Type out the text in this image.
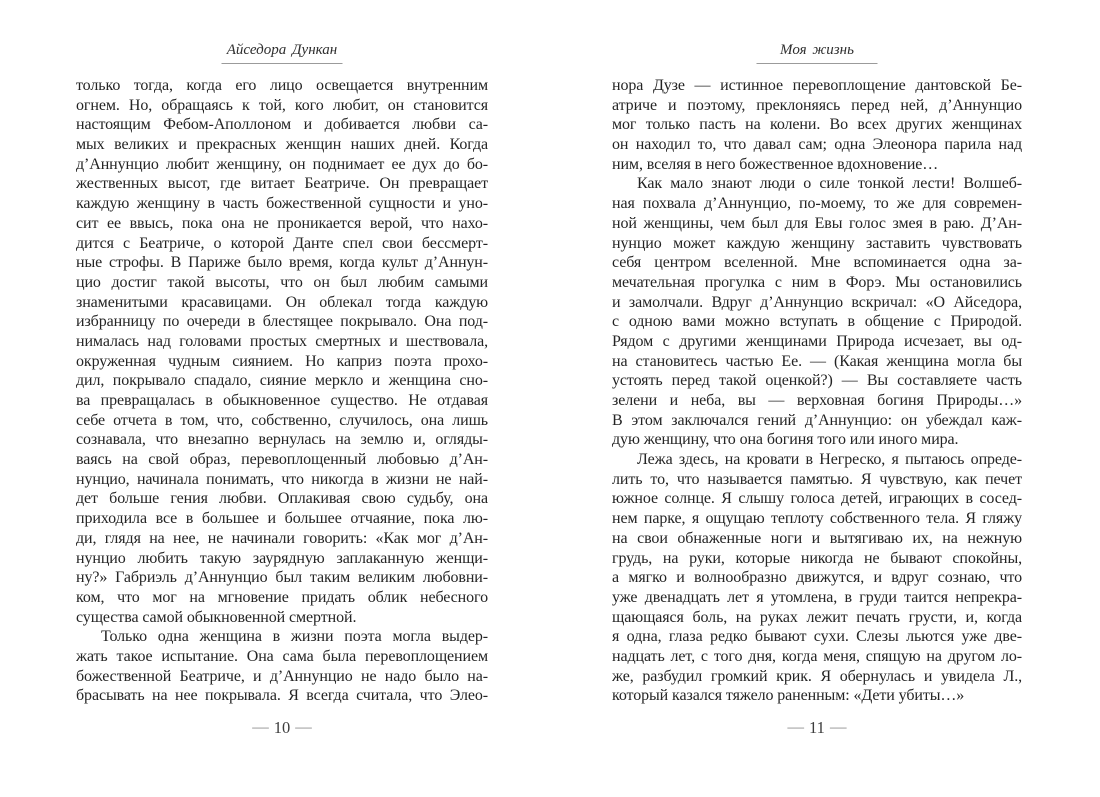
Айседора Дункан
только тогда, когда его лицо освещается внутренним
огнем. Но, обращаясь к той, кого любит, он становится
настоящим Фебом-Аполлоном и добивается любви са-
мых великих и прекрасных женщин наших дней. Когда
д’Аннунцио любит женщину, он поднимает ее дух до бо-
жественных высот, где витает Беатриче. Он превращает
каждую женщину в часть божественной сущности и уно-
сит ее ввысь, пока она не проникается верой, что нахо-
дится с Беатриче, о которой Данте спел свои бессмерт-
ные строфы. В Париже было время, когда культ д’Аннун-
цио достиг такой высоты, что он был любим самыми
знаменитыми красавицами. Он облекал тогда каждую
избранницу по очереди в блестящее покрывало. Она под-
нималась над головами простых смертных и шествовала,
окруженная чудным сиянием. Но каприз поэта прохо-
дил, покрывало спадало, сияние меркло и женщина сно-
ва превращалась в обыкновенное существо. Не отдавая
себе отчета в том, что, собственно, случилось, она лишь
сознавала, что внезапно вернулась на землю и, огляды-
ваясь на свой образ, перевоплощенный любовью д’Ан-
нунцио, начинала понимать, что никогда в жизни не най-
дет больше гения любви. Оплакивая свою судьбу, она
приходила все в большее и большее отчаяние, пока лю-
ди, глядя на нее, не начинали говорить: «Как мог д’Ан-
нунцио любить такую заурядную заплаканную женщи-
ну?» Габриэль д’Аннунцио был таким великим любовни-
ком, что мог на мгновение придать облик небесного
существа самой обыкновенной смертной.
Только одна женщина в жизни поэта могла выдер-
жать такое испытание. Она сама была перевоплощением
божественной Беатриче, и д’Аннунцио не надо было на-
брасывать на нее покрывала. Я всегда считала, что Элео-
— 10 —
Моя жизнь
нора Дузе — истинное перевоплощение дантовской Бе-
атриче и поэтому, преклоняясь перед ней, д’Аннунцио
мог только пасть на колени. Во всех других женщинах
он находил то, что давал сам; одна Элеонора парила над
ним, вселяя в него божественное вдохновение…
Как мало знают люди о силе тонкой лести! Волшеб-
ная похвала д’Аннунцио, по-моему, то же для современ-
ной женщины, чем был для Евы голос змея в раю. Д’Ан-
нунцио может каждую женщину заставить чувствовать
себя центром вселенной. Мне вспоминается одна за-
мечательная прогулка с ним в Форэ. Мы остановились
и замолчали. Вдруг д’Аннунцио вскричал: «О Айседора,
с одною вами можно вступать в общение с Природой.
Рядом с другими женщинами Природа исчезает, вы од-
на становитесь частью Ее. — (Какая женщина могла бы
устоять перед такой оценкой?) — Вы составляете часть
зелени и неба, вы — верховная богиня Природы…»
В этом заключался гений д’Аннунцио: он убеждал каж-
дую женщину, что она богиня того или иного мира.
Лежа здесь, на кровати в Негреско, я пытаюсь опреде-
лить то, что называется памятью. Я чувствую, как печет
южное солнце. Я слышу голоса детей, играющих в сосед-
нем парке, я ощущаю теплоту собственного тела. Я гляжу
на свои обнаженные ноги и вытягиваю их, на нежную
грудь, на руки, которые никогда не бывают спокойны,
а мягко и волнообразно движутся, и вдруг сознаю, что
уже двенадцать лет я утомлена, в груди таится непрекра-
щающаяся боль, на руках лежит печать грусти, и, когда
я одна, глаза редко бывают сухи. Слезы льются уже две-
надцать лет, с того дня, когда меня, спящую на другом ло-
же, разбудил громкий крик. Я обернулась и увидела Л.,
который казался тяжело раненным: «Дети убиты…»
— 11 —
